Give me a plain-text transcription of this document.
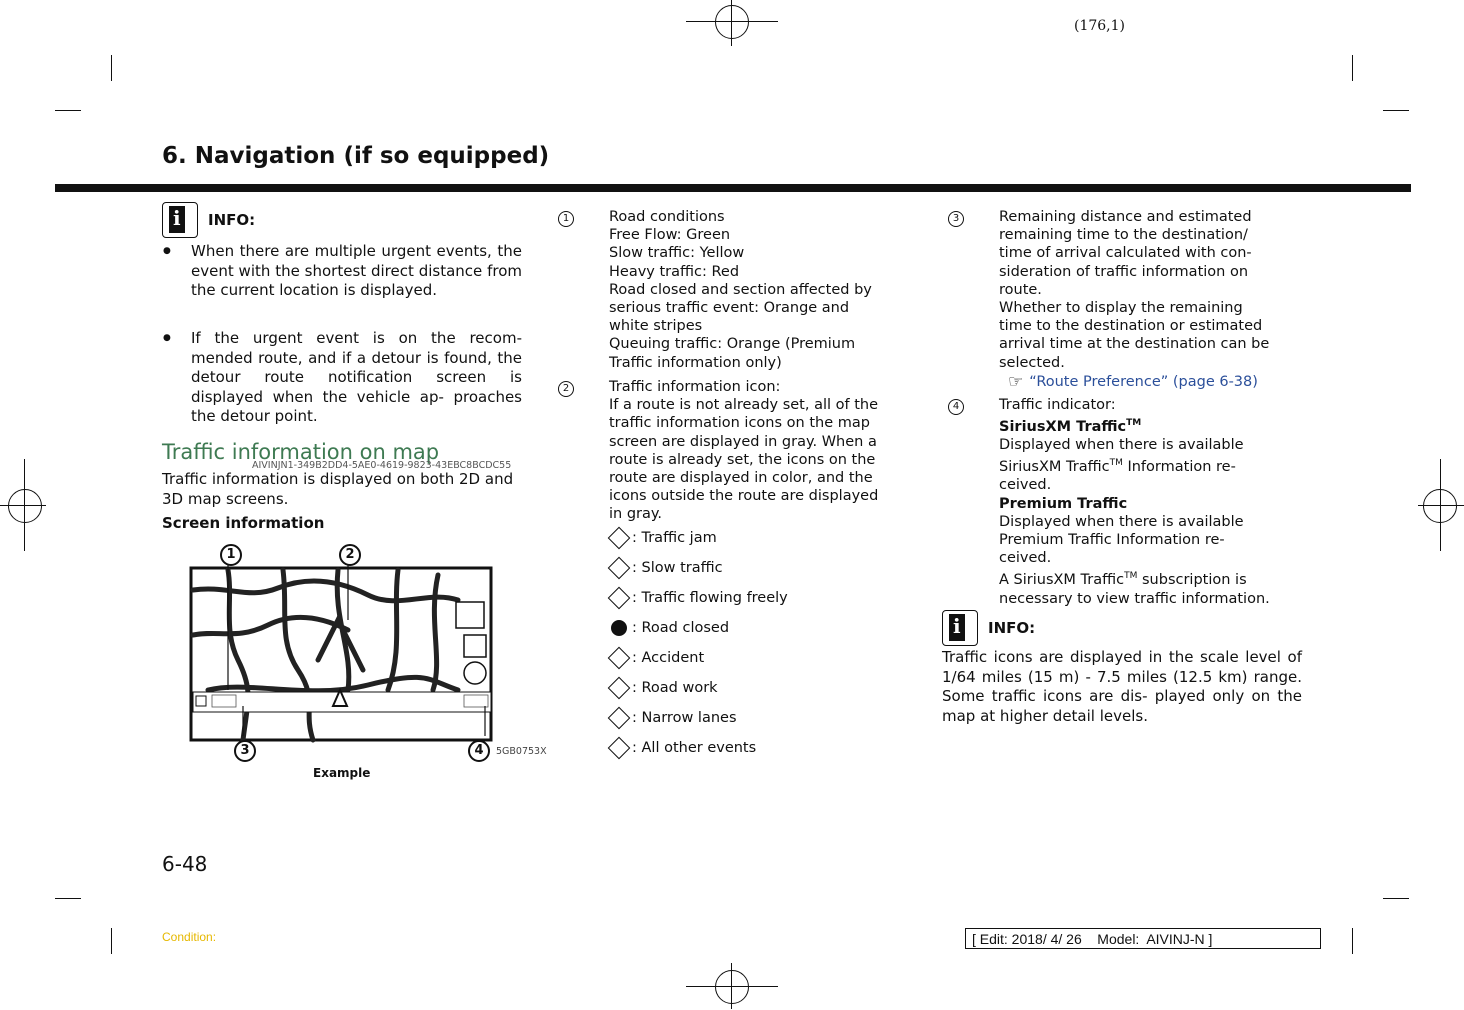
(176,1)
6. Navigation (if so equipped)
i
INFO:
● When there are multiple urgent events, the event with the shortest direct distance from the current location is displayed.
● If the urgent event is on the recom- mended route, and if a detour is found, the detour route notification screen is displayed when the vehicle ap- proaches the detour point.
Traffic information on map
AIVINJN1-349B2DD4-5AE0-4619-9823-43EBC8BCDC55
Traffic information is displayed on both 2D and 3D map screens.
Screen information
1	2
3	4	5GB0753X
Example
1	Road conditions
Free Flow: Green
Slow traffic: Yellow
Heavy traffic: Red
Road closed and section affected by
serious traffic event: Orange and
white stripes
Queuing traffic: Orange (Premium
Traffic information only)
2	Traffic information icon:
If a route is not already set, all of the
traffic information icons on the map
screen are displayed in gray. When a
route is already set, the icons on the
route are displayed in color, and the
icons outside the route are displayed
in gray.
: Traffic jam
: Slow traffic
: Traffic flowing freely
: Road closed
: Accident
: Road work
: Narrow lanes
: All other events
3	Remaining distance and estimated
remaining time to the destination/
time of arrival calculated with con-
sideration of traffic information on
route.
Whether to display the remaining
time to the destination or estimated
arrival time at the destination can be
selected.
☞ “Route Preference” (page 6-38)
4	Traffic indicator:
SiriusXM Traffic™
Displayed when there is available
SiriusXM Traffic™ Information re-
ceived.
Premium Traffic
Displayed when there is available
Premium Traffic Information re-
ceived.
A SiriusXM Traffic™ subscription is
necessary to view traffic information.
i
INFO:
Traffic icons are displayed in the scale level of 1/64 miles (15 m) - 7.5 miles (12.5 km) range. Some traffic icons are dis- played only on the map at higher detail levels.
6-48
Condition:	[ Edit: 2018/ 4/ 26    Model:  AIVINJ-N ]
